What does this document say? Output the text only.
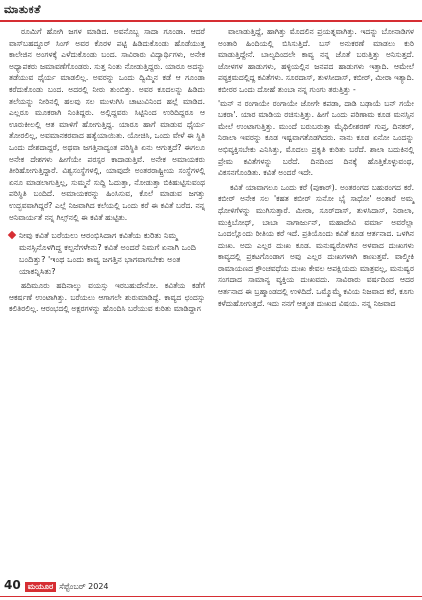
ಮಾತುಕತೆ

ರೂಮಿಗೆ ಹೋಗಿ ಜಗಳ ಮಾಡಿದ. ಅವನೊಬ್ಬ ಸಾದಾ ಗೂಂಡಾ. ಆದರೆ ವಾಸ್‌ಬಹದ್ದೂರ್ ಸಿಂಗ್ ಅವರ ಕೊರಳ ಪಟ್ಟಿ ಹಿಡಿದುಕೊಂಡು ಹೊಡೆಯುತ್ತ ಕಾಲೇಜಿನ ಅಂಗಳಕ್ಕೆ ಎಳೆದುಕೊಂಡು ಬಂದ. ಸಾವಿರಾರು ವಿದ್ಯಾರ್ಥಿಗಳು, ಅನೇಕ ಅಧ್ಯಾಪಕರು ಜಮಾವಣೆಗೊಂಡರು. ಸುತ್ತ ನಿಂತು ನೋಡುತ್ತಿದ್ದರು. ಯಾರೂ ಅದನ್ನು ತಡೆಯುವ ಧೈರ್ಯ ಮಾಡಲಿಲ್ಲ. ಅವರನ್ನು ಒಂದು ದ್ವಿಮ್ಮಿನ ಕಡೆ ಆ ಗೂಂಡಾ ಕರೆದುಕೊಂಡು ಬಂದ. ಅದರಲ್ಲಿ ನೀರು ತುಂಬಿತ್ತು. ಅವರ ಕೂದಲನ್ನು ಹಿಡಿದು ತಲೆಯನ್ನು ನೀರಿನಲ್ಲಿ ಹಲವು ಸಲ ಮುಳುಗಿಸಿ ಚಾಟುವಿನಿಂದ ಹಲ್ಲೆ ಮಾಡಿದ. ಎಲ್ಲರೂ ಮೂಕರಾಗಿ ನಿಂತಿದ್ದರು. ಅಲ್ಲಿದ್ದವರು ಸಿಟ್ಟಿನಿಂದ ಉರಿದಿದ್ದರೂ ಆ ಊರುಕೀಲಲ್ಲಿ ಆತ ಮಾಳಿಗೆ ಹೋಗುತ್ತಿದ್ದ. ಯಾರೂ ಹಾಗೆ ಮಾಡುವ ಧೈರ್ಯ ತೋರಲಿಲ್ಲ, ಅವಮಾನಕರವಾದ ಹತ್ಯೆಯಾಯಿತು. ಯೋಚಿಸಿ, ಒಂದು ವೇಳೆ ಈ ಸ್ಥಿತಿ ಒಂದು ದೇಶದಾದ್ದರೆ, ಅಥವಾ ಜಗತ್ತಿನಾದ್ಯಂತ ಪರಿಸ್ಥಿತಿ ಏನು ಆಗುತ್ತದೆ? ಈಗಲೂ ಅನೇಕ ದೇಶಗಳು ಹೀಗೆಯೇ ಪರಸ್ಪರ ಕಾದಾಡುತ್ತಿವೆ. ಅನೇಕ ಅಮಾಯಕರು ತೀರಿಹೋಗುತ್ತಿದ್ದಾರೆ. ವಿಶ್ವಸಂಸ್ಥೆಗಳಲ್ಲಿ, ಯಾವುದೇ ಅಂತರರಾಷ್ಟ್ರೀಯ ಸಂಸ್ಥೆಗಳಲ್ಲಿ ಏನೂ ಮಾಡಲಾಗುತ್ತಿಲ್ಲ, ಸುಮ್ಮನೆ ಸುದ್ದಿ ಓದುತ್ತಾ, ನೋಡುತ್ತಾ ಬಿಕಿಹುಟ್ಟಿಸುವಂಥ ಪರಿಸ್ಥಿತಿ ಬಂದಿದೆ. ಅಮಾಯಕರನ್ನು ಹಿಂಸಿಸುವ, ಕೊಲೆ ಮಾಡುವ ಜಗತ್ತು ಉದ್ಭವವಾಗಿದ್ದರೆ? ಎಲ್ಲೆ ನಿಜವಾಗಿದ ಕಲೆಯಲ್ಲಿ ಒಂದು ಕರೆ ಈ ಕವಿತೆ ಬರೆದ. ನನ್ನ ಅನಿವಾರ್ಯತೆ ನನ್ನ ಗಿಲ್ಸ್‌ನಲ್ಲಿ ಈ ಕವಿತೆ ಹುಟ್ಟಿತು.

ನೀವು ಕವಿತೆ ಬರೆಯಲು ಆರಂಭಿಸಿದಾಗ ಕವಿತೆಯ ಕುರಿತು ನಿಮ್ಮ ಮನಸ್ಸಿನೊಳಗಿದ್ದ ಕಲ್ಪನೆಗಳೇನು? ಕವಿತೆ ಅಂದರೆ ನಿಮಗೆ ಏನಾಗಿ ಒಂದಿ ಬಂದಿತ್ತು? 'ಇಂಥ ಒಂದು ಕಾವ್ಯ ಜಗತ್ತಿನ ಭಾಗವಾಗಬೇಕು ಅಂತ ಯಾಕನ್ನಿಸಿತು?

ಹದಿಮೂರು ಹದಿನಾಲ್ಕು ವಯಸ್ಸು ಇರಬಹುದೇನೋ. ಕವಿತೆಯ ಕಡೆಗೆ ಆಕರ್ಷಣೆ ಉಂಟಾಗಿತ್ತು. ಬರೆಯಲು ಆಗಾಗಲೇ ಶುರುಮಾಡಿದ್ದೆ. ಕಾವ್ಯದ ಛಂದಸ್ಸು ಕಲಿತಿರಲಿಲ್ಲ. ಆರಂಭದಲ್ಲಿ ಅಕ್ಷರಗಳನ್ನು ಹೊಂದಿಸಿ ಬರೆಯುವ ಕುರಿತು ಮಾಡಿದ್ದಾಗ

ವಾಲಾಡುತ್ತಿದ್ದೆ, ಹಾಗಿತ್ತು ಮೊದಲಿನ ಪ್ರಯತ್ನವಾಗಿತ್ತು. ಇದನ್ನು ಬೋನಾಡಿಗಳ ಅಂತಾರಿ ಹಿಂದಿಯಲ್ಲಿ ಬಿಸಿಸುತ್ತಿದೆ. ಬಸ್ ಅನುಕರಣೆ ಮಾಡಲು ಕುರಿ ಮಾಡುತ್ತಿದ್ದೇನೆ. ಬಾಲ್ಯದಿಂದಲೇ ಕಾವ್ಯ ನನ್ನ ಜೊತೆ ಬರುತ್ತಿತ್ತು ಅನಿಸುತ್ತದೆ. ಜೋಳಗಳ ಹಾಡುಗಳು, ಹಳ್ಳಿಯಲ್ಲಿನ ಜನಪದ ಹಾಡುಗಳು ಇತ್ತಾದಿ. ಆಮೇಲೆ ಪಠ್ಯಕ್ರಮದಲ್ಲಿದ್ದ ಕವಿತೆಗಳು. ಸೂರದಾಸ್, ತುಳಸೀದಾಸ್, ಕಬೀರ್, ಮೀರಾ ಇತ್ಯಾದಿ. ಕಬೀರರ ಒಂದು ದೋಹೆ ತುಂಬಾ ನನ್ನ ಗುಂಗು ತರುತ್ತಿತ್ತು -

'ಮನ್ ನ ರಂಗಾಯೇ ರಂಗಾಯೇ ಜೋಗೇ ಕಪಡಾ, ದಾಡಿ ಬಢಾಯೆ ಬನ್ ಗಯೇ ಬಕರಾ'. ಯಾರ ಮಾಡಿಯ ರಚಿಸುತ್ತಿತ್ತು. ಹೀಗೆ ಒಂದು ಪರಿಣಾಮ ಕೂಡ ಮನಸ್ಸಿನ ಮೇಲೆ ಉಂಟಾಗುತ್ತಿತ್ತು. ಮುಂದೆ ಬರುಬರುತ್ತಾ ಮೈಥಿಲೀಶರಣ್ ಗುಪ್ತ, ದಿನಕರ್, ನಿರಾಲಾ ಇವರನ್ನು ಕೂಡ ಇಷ್ಟವಾಗತೊಡಗಿದರು. ನಾನು ಕೂಡ ಏನೋ ಒಂದನ್ನು ಅಭಿವ್ಯಕ್ತಿಸಬೇಕು ಎನಿಸಿತ್ತು, ಮೊದಲು ಪ್ರಕೃತಿ ಕುರಿತು ಬರೆದೆ. ಶಾಲಾ ಬದುಕಿನಲ್ಲಿ ಪ್ರೇಮ ಕವಿತೆಗಳನ್ನು ಬರೆದೆ. ದಿನದಿಂದ ದಿನಕ್ಕೆ ಹೊತ್ತಿಕೊಳ್ಳುವಂಥ, ವಿಕಸನಗೊಂಡಿತು. ಕವಿತೆ ಅಂದರೆ ಇದೇ.

ಕವಿತೆ ಯಾವಾಗಲೂ ಒಂದು ಕರೆ (ಪುಕಾರ್). ಅಂತರಂಗದ ಬಹುರಂಗದ ಕರೆ. ಕಬೀರ್ ಅನೇಕ ಸಲ 'ಕಹತ ಕಬೀರ್ ಸುನೋ ಭೈ ಸಾಧೋ' ಅಂತಾರೆ ಅಮ್ಮ ಧೋಳಿಗೆಳನ್ನು ಮುಗಿಸುತ್ತಾರೆ. ಮೀರಾ, ಸೂರ್‌ದಾಸ್, ತುಳಸಿದಾಸ್, ನಿರಾಲಾ, ಮುಕ್ತಿಬೋಧ್, ಬಾಬಾ ನಾಗಾರ್ಜುನ್, ಮಹಾದೇವಿ ವರ್ಮಾ ಅವರೆಲ್ಲಾ ಒಂದಲ್ಲೊಂದು ರೀತಿಯ ಕರೆ ಇದೆ. ಪ್ರತಿಯೊಂದು ಕವಿತೆ ಕೂಡ ಆರ್ತನಾದ. ಒಳಗಿನ ದುಃಖ. ಅದು ಎಲ್ಲರ ದುಃಖ ಕೂಡ. ಮನುಷ್ಯರೊಳಗಿನ ಅಳವಾದ ದುಃಖಗಳು ಕಾವ್ಯದಲ್ಲಿ ಪ್ರಕಟಗೊಂಡಾಗ ಅವು ಎಲ್ಲರ ದುಃಖಗಳಾಗಿ ಕಾಣುತ್ತವೆ. ವಾಲ್ಮೀಕಿ ರಾಮಾಯಣದ ಕ್ರೌಂಚವಧೆಯ ದುಃಖ ಕೇವಲ ಆಪಕ್ಷಿಯದು ಮಾತ್ರವಲ್ಲ, ಮನುಷ್ಯರ ಸಂಗದಾದ ಸಾಮಾನ್ಯ ವ್ಯಕ್ತಿಯ ದುಃಖವದು. ಸಾವಿರಾರು ವರ್ಷದಿಂದ ಆದರ ಆರ್ತನಾದ ಈ ಬ್ರಹ್ಮಾಂಡದಲ್ಲಿ ಉಳಿದಿದೆ. ಒಮ್ಮೊಮ್ಮೆ ಕವಿಯ ನಿಜವಾದ ಕರೆ, ಕೂಗು ಕಳೆದುಹೋಗುತ್ತದೆ. ಇದು ನನಗೆ ಆತ್ಮಂತ ದುಃಖದ ವಿಷಯ. ನನ್ನ ನಿಜವಾದ

40 ಮಯೂರ ಸೆಪ್ಟೆಂಬರ್ 2024
